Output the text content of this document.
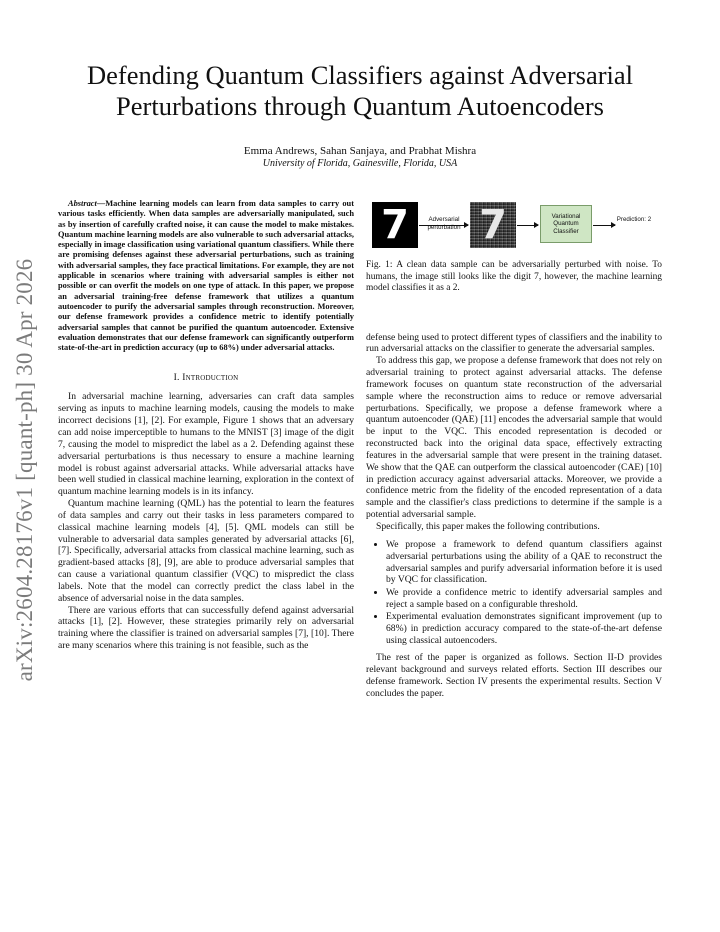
arXiv:2604.28176v1 [quant-ph] 30 Apr 2026
Defending Quantum Classifiers against Adversarial Perturbations through Quantum Autoencoders
Emma Andrews, Sahan Sanjaya, and Prabhat Mishra
University of Florida, Gainesville, Florida, USA

Abstract—Machine learning models can learn from data samples to carry out various tasks efficiently. When data samples are adversarially manipulated, such as by insertion of carefully crafted noise, it can cause the model to make mistakes. Quantum machine learning models are also vulnerable to such adversarial attacks, especially in image classification using variational quantum classifiers. While there are promising defenses against these adversarial perturbations, such as training with adversarial samples, they face practical limitations. For example, they are not applicable in scenarios where training with adversarial samples is either not possible or can overfit the models on one type of attack. In this paper, we propose an adversarial training-free defense framework that utilizes a quantum autoencoder to purify the adversarial samples through reconstruction. Moreover, our defense framework provides a confidence metric to identify potentially adversarial samples that cannot be purified the quantum autoencoder. Extensive evaluation demonstrates that our defense framework can significantly outperform state-of-the-art in prediction accuracy (up to 68%) under adversarial attacks.

I. Introduction

In adversarial machine learning, adversaries can craft data samples serving as inputs to machine learning models, causing the models to make incorrect decisions [1], [2]. For example, Figure 1 shows that an adversary can add noise imperceptible to humans to the MNIST [3] image of the digit 7, causing the model to mispredict the label as a 2. Defending against these adversarial perturbations is thus necessary to ensure a machine learning model is robust against adversarial attacks. While adversarial attacks have been well studied in classical machine learning, exploration in the context of quantum machine learning models is in its infancy.

Quantum machine learning (QML) has the potential to learn the features of data samples and carry out their tasks in less parameters compared to classical machine learning models [4], [5]. QML models can still be vulnerable to adversarial data samples generated by adversarial attacks [6], [7]. Specifically, adversarial attacks from classical machine learning, such as gradient-based attacks [8], [9], are able to produce adversarial samples that can cause a variational quantum classifier (VQC) to mispredict the class labels. Note that the model can correctly predict the class label in the absence of adversarial noise in the data samples.

There are various efforts that can successfully defend against adversarial attacks [1], [2]. However, these strategies primarily rely on adversarial training where the classifier is trained on adversarial samples [7], [10]. There are many scenarios where this training is not feasible, such as the

7	Adversarial perturbation 7	Variational Quantum Classifier
Prediction: 2

Fig. 1: A clean data sample can be adversarially perturbed with noise. To humans, the image still looks like the digit 7, however, the machine learning model classifies it as a 2.

defense being used to protect different types of classifiers and the inability to run adversarial attacks on the classifier to generate the adversarial samples.

To address this gap, we propose a defense framework that does not rely on adversarial training to protect against adversarial attacks. The defense framework focuses on quantum state reconstruction of the adversarial sample where the reconstruction aims to reduce or remove adversarial perturbations. Specifically, we propose a defense framework where a quantum autoencoder (QAE) [11] encodes the adversarial sample that would be input to the VQC. This encoded representation is decoded or reconstructed back into the original data space, effectively extracting features in the adversarial sample that were present in the training dataset. We show that the QAE can outperform the classical autoencoder (CAE) [10] in prediction accuracy against adversarial attacks. Moreover, we provide a confidence metric from the fidelity of the encoded representation of a data sample and the classifier's class predictions to determine if the sample is a potential adversarial sample.

Specifically, this paper makes the following contributions.

• We propose a framework to defend quantum classifiers against adversarial perturbations using the ability of a QAE to reconstruct the adversarial samples and purify adversarial information before it is used by VQC for classification.
• We provide a confidence metric to identify adversarial samples and reject a sample based on a configurable threshold.
• Experimental evaluation demonstrates significant improvement (up to 68%) in prediction accuracy compared to the state-of-the-art defense using classical autoencoders.

The rest of the paper is organized as follows. Section II-D provides relevant background and surveys related efforts. Section III describes our defense framework. Section IV presents the experimental results. Section V concludes the paper.
